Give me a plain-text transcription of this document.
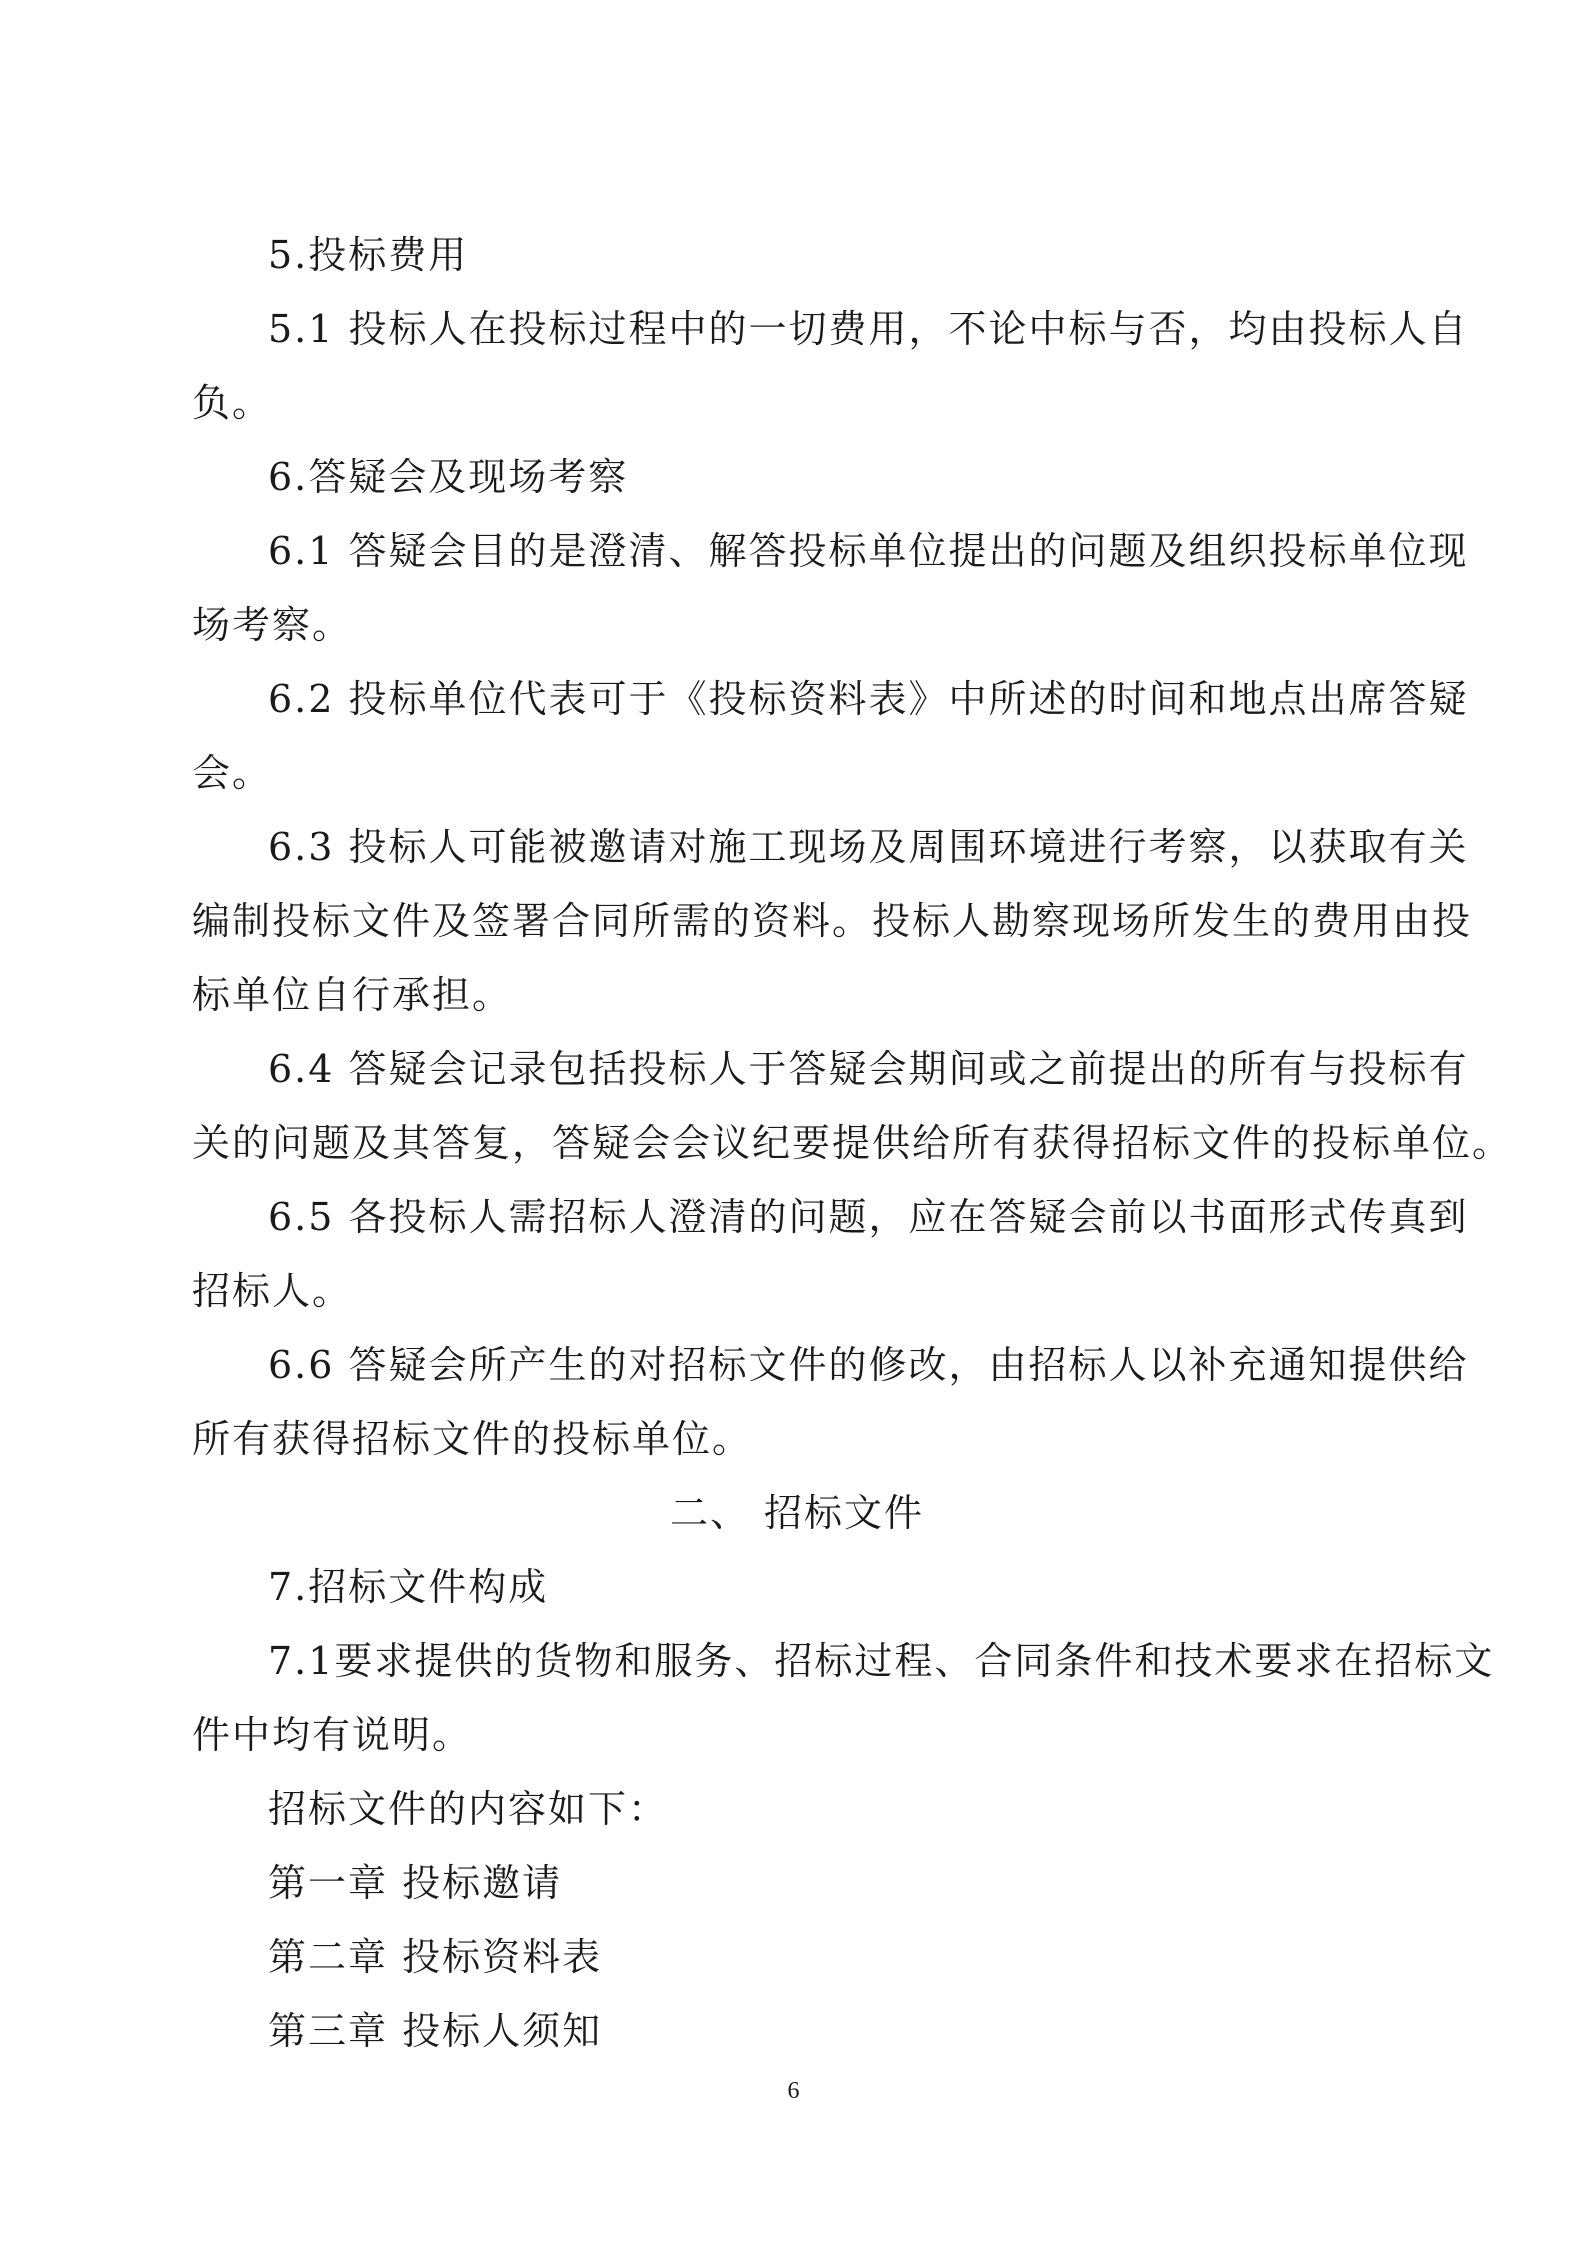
5.投标费用
5.1 投标人在投标过程中的一切费用，不论中标与否，均由投标人自
负。
6.答疑会及现场考察
6.1 答疑会目的是澄清、解答投标单位提出的问题及组织投标单位现
场考察。
6.2 投标单位代表可于《投标资料表》中所述的时间和地点出席答疑
会。
6.3 投标人可能被邀请对施工现场及周围环境进行考察，以获取有关
编制投标文件及签署合同所需的资料。投标人勘察现场所发生的费用由投
标单位自行承担。
6.4 答疑会记录包括投标人于答疑会期间或之前提出的所有与投标有
关的问题及其答复，答疑会会议纪要提供给所有获得招标文件的投标单位。
6.5 各投标人需招标人澄清的问题，应在答疑会前以书面形式传真到
招标人。
6.6 答疑会所产生的对招标文件的修改，由招标人以补充通知提供给
所有获得招标文件的投标单位。
二、 招标文件
7.招标文件构成
7.1要求提供的货物和服务、招标过程、合同条件和技术要求在招标文
件中均有说明。
招标文件的内容如下：
第一章 投标邀请
第二章 投标资料表
第三章 投标人须知
6
